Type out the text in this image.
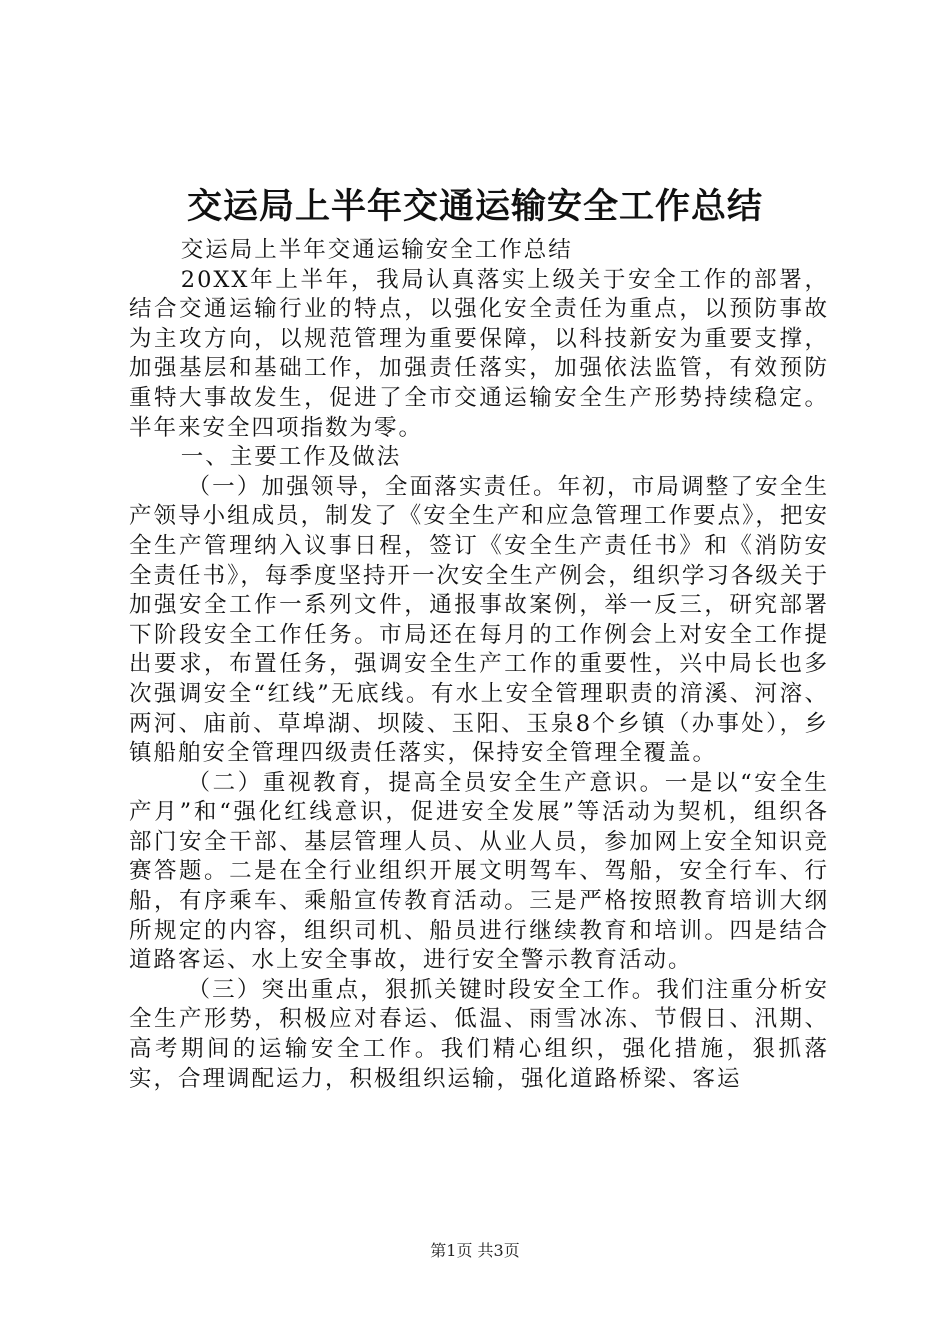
交运局上半年交通运输安全工作总结

交运局上半年交通运输安全工作总结

20XX年上半年，我局认真落实上级关于安全工作的部署，结合交通运输行业的特点，以强化安全责任为重点，以预防事故为主攻方向，以规范管理为重要保障，以科技新安为重要支撑，加强基层和基础工作，加强责任落实，加强依法监管，有效预防重特大事故发生，促进了全市交通运输安全生产形势持续稳定。半年来安全四项指数为零。

一、主要工作及做法

（一）加强领导，全面落实责任。年初，市局调整了安全生产领导小组成员，制发了《安全生产和应急管理工作要点》，把安全生产管理纳入议事日程，签订《安全生产责任书》和《消防安全责任书》，每季度坚持开一次安全生产例会，组织学习各级关于加强安全工作一系列文件，通报事故案例，举一反三，研究部署下阶段安全工作任务。市局还在每月的工作例会上对安全工作提出要求，布置任务，强调安全生产工作的重要性，兴中局长也多次强调安全“红线”无底线。有水上安全管理职责的湇溪、河溶、两河、庙前、草埠湖、坝陵、玉阳、玉泉8个乡镇（办事处），乡镇船舶安全管理四级责任落实，保持安全管理全覆盖。

（二）重视教育，提高全员安全生产意识。一是以“安全生产月”和“强化红线意识，促进安全发展”等活动为契机，组织各部门安全干部、基层管理人员、从业人员，参加网上安全知识竞赛答题。二是在全行业组织开展文明驾车、驾船，安全行车、行船，有序乘车、乘船宣传教育活动。三是严格按照教育培训大纲所规定的内容，组织司机、船员进行继续教育和培训。四是结合道路客运、水上安全事故，进行安全警示教育活动。

（三）突出重点，狠抓关键时段安全工作。我们注重分析安全生产形势，积极应对春运、低温、雨雪冰冻、节假日、汛期、高考期间的运输安全工作。我们精心组织，强化措施，狠抓落实，合理调配运力，积极组织运输，强化道路桥梁、客运

第1页 共3页
